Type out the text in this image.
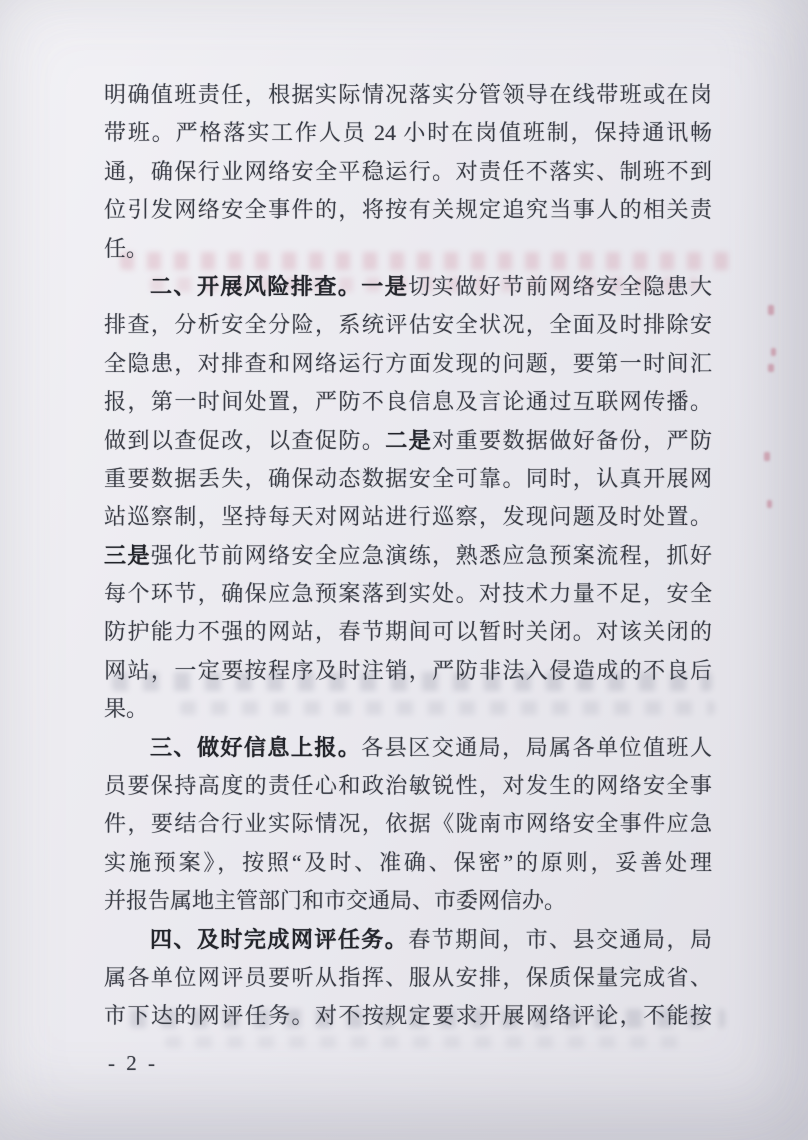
明确值班责任，根据实际情况落实分管领导在线带班或在岗
带班。严格落实工作人员 24 小时在岗值班制，保持通讯畅
通，确保行业网络安全平稳运行。对责任不落实、制班不到
位引发网络安全事件的，将按有关规定追究当事人的相关责
任。
二、开展风险排查。一是切实做好节前网络安全隐患大
排查，分析安全分险，系统评估安全状况，全面及时排除安
全隐患，对排查和网络运行方面发现的问题，要第一时间汇
报，第一时间处置，严防不良信息及言论通过互联网传播。
做到以查促改，以查促防。二是对重要数据做好备份，严防
重要数据丢失，确保动态数据安全可靠。同时，认真开展网
站巡察制，坚持每天对网站进行巡察，发现问题及时处置。
三是强化节前网络安全应急演练，熟悉应急预案流程，抓好
每个环节，确保应急预案落到实处。对技术力量不足，安全
防护能力不强的网站，春节期间可以暂时关闭。对该关闭的
网站，一定要按程序及时注销，严防非法入侵造成的不良后
果。
三、做好信息上报。各县区交通局，局属各单位值班人
员要保持高度的责任心和政治敏锐性，对发生的网络安全事
件，要结合行业实际情况，依据《陇南市网络安全事件应急
实施预案》，按照“及时、准确、保密”的原则，妥善处理
并报告属地主管部门和市交通局、市委网信办。
四、及时完成网评任务。春节期间，市、县交通局，局
属各单位网评员要听从指挥、服从安排，保质保量完成省、
市下达的网评任务。对不按规定要求开展网络评论，不能按
- 2 -
